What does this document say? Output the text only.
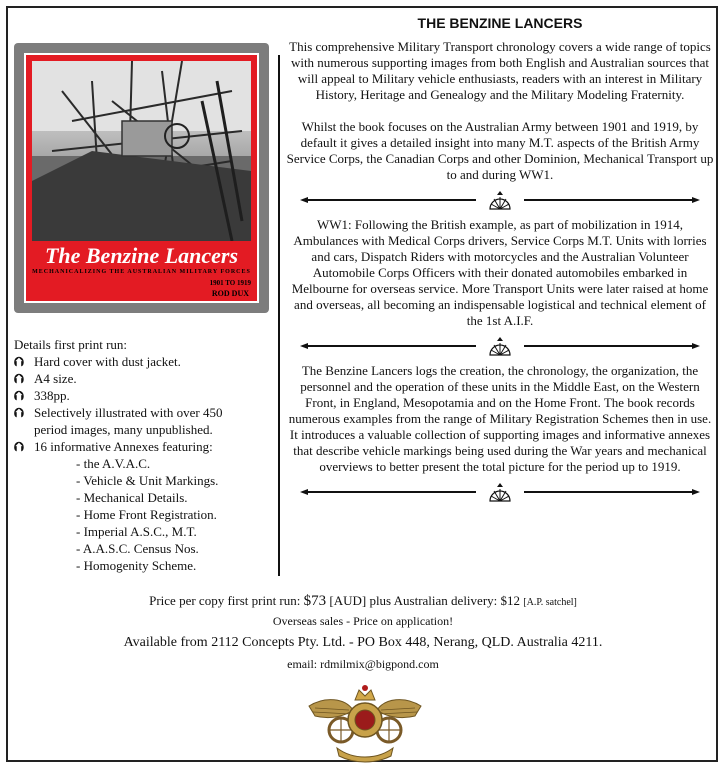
The Benzine Lancers
MECHANICALIZING THE AUSTRALIAN MILITARY FORCES
1901 TO 1919
ROD DUX
Details first print run:
⮉ Hard cover with dust jacket.
⮉ A4 size.
⮉ 338pp.
⮉ Selectively illustrated with over 450
period images, many unpublished.
⮉ 16 informative Annexes featuring:
- the A.V.A.C.
- Vehicle & Unit Markings.
- Mechanical Details.
- Home Front Registration.
- Imperial A.S.C., M.T.
- A.A.S.C. Census Nos.
- Homogenity Scheme.
THE BENZINE LANCERS

This comprehensive Military Transport chronology covers a wide range of topics with numerous supporting images from both English and Australian sources that will appeal to Military vehicle enthusiasts, readers with an interest in Military History, Heritage and Genealogy and the Military Modeling Fraternity.

Whilst the book focuses on the Australian Army between 1901 and 1919, by default it gives a detailed insight into many M.T. aspects of the British Army Service Corps, the Canadian Corps and other Dominion, Mechanical Transport up to and during WW1.

WW1: Following the British example, as part of mobilization in 1914, Ambulances with Medical Corps drivers, Service Corps M.T. Units with lorries and cars, Dispatch Riders with motorcycles and the Australian Volunteer Automobile Corps Officers with their donated automobiles embarked in Melbourne for overseas service. More Transport Units were later raised at home and overseas, all becoming an indispensable logistical and technical element of the 1st A.I.F.

The Benzine Lancers logs the creation, the chronology, the organization, the personnel and the operation of these units in the Middle East, on the Western Front, in England, Mesopotamia and on the Home Front. The book records numerous examples from the range of Military Registration Schemes then in use. It introduces a valuable collection of supporting images and informative annexes that describe vehicle markings being used during the War years and mechanical overviews to better present the total picture for the period up to 1919.

Price per copy first print run: $73 [AUD] plus Australian delivery: $12 [A.P. satchel]
Overseas sales - Price on application!
Available from 2112 Concepts Pty. Ltd. - PO Box 448, Nerang, QLD. Australia 4211.
email: rdmilmix@bigpond.com
